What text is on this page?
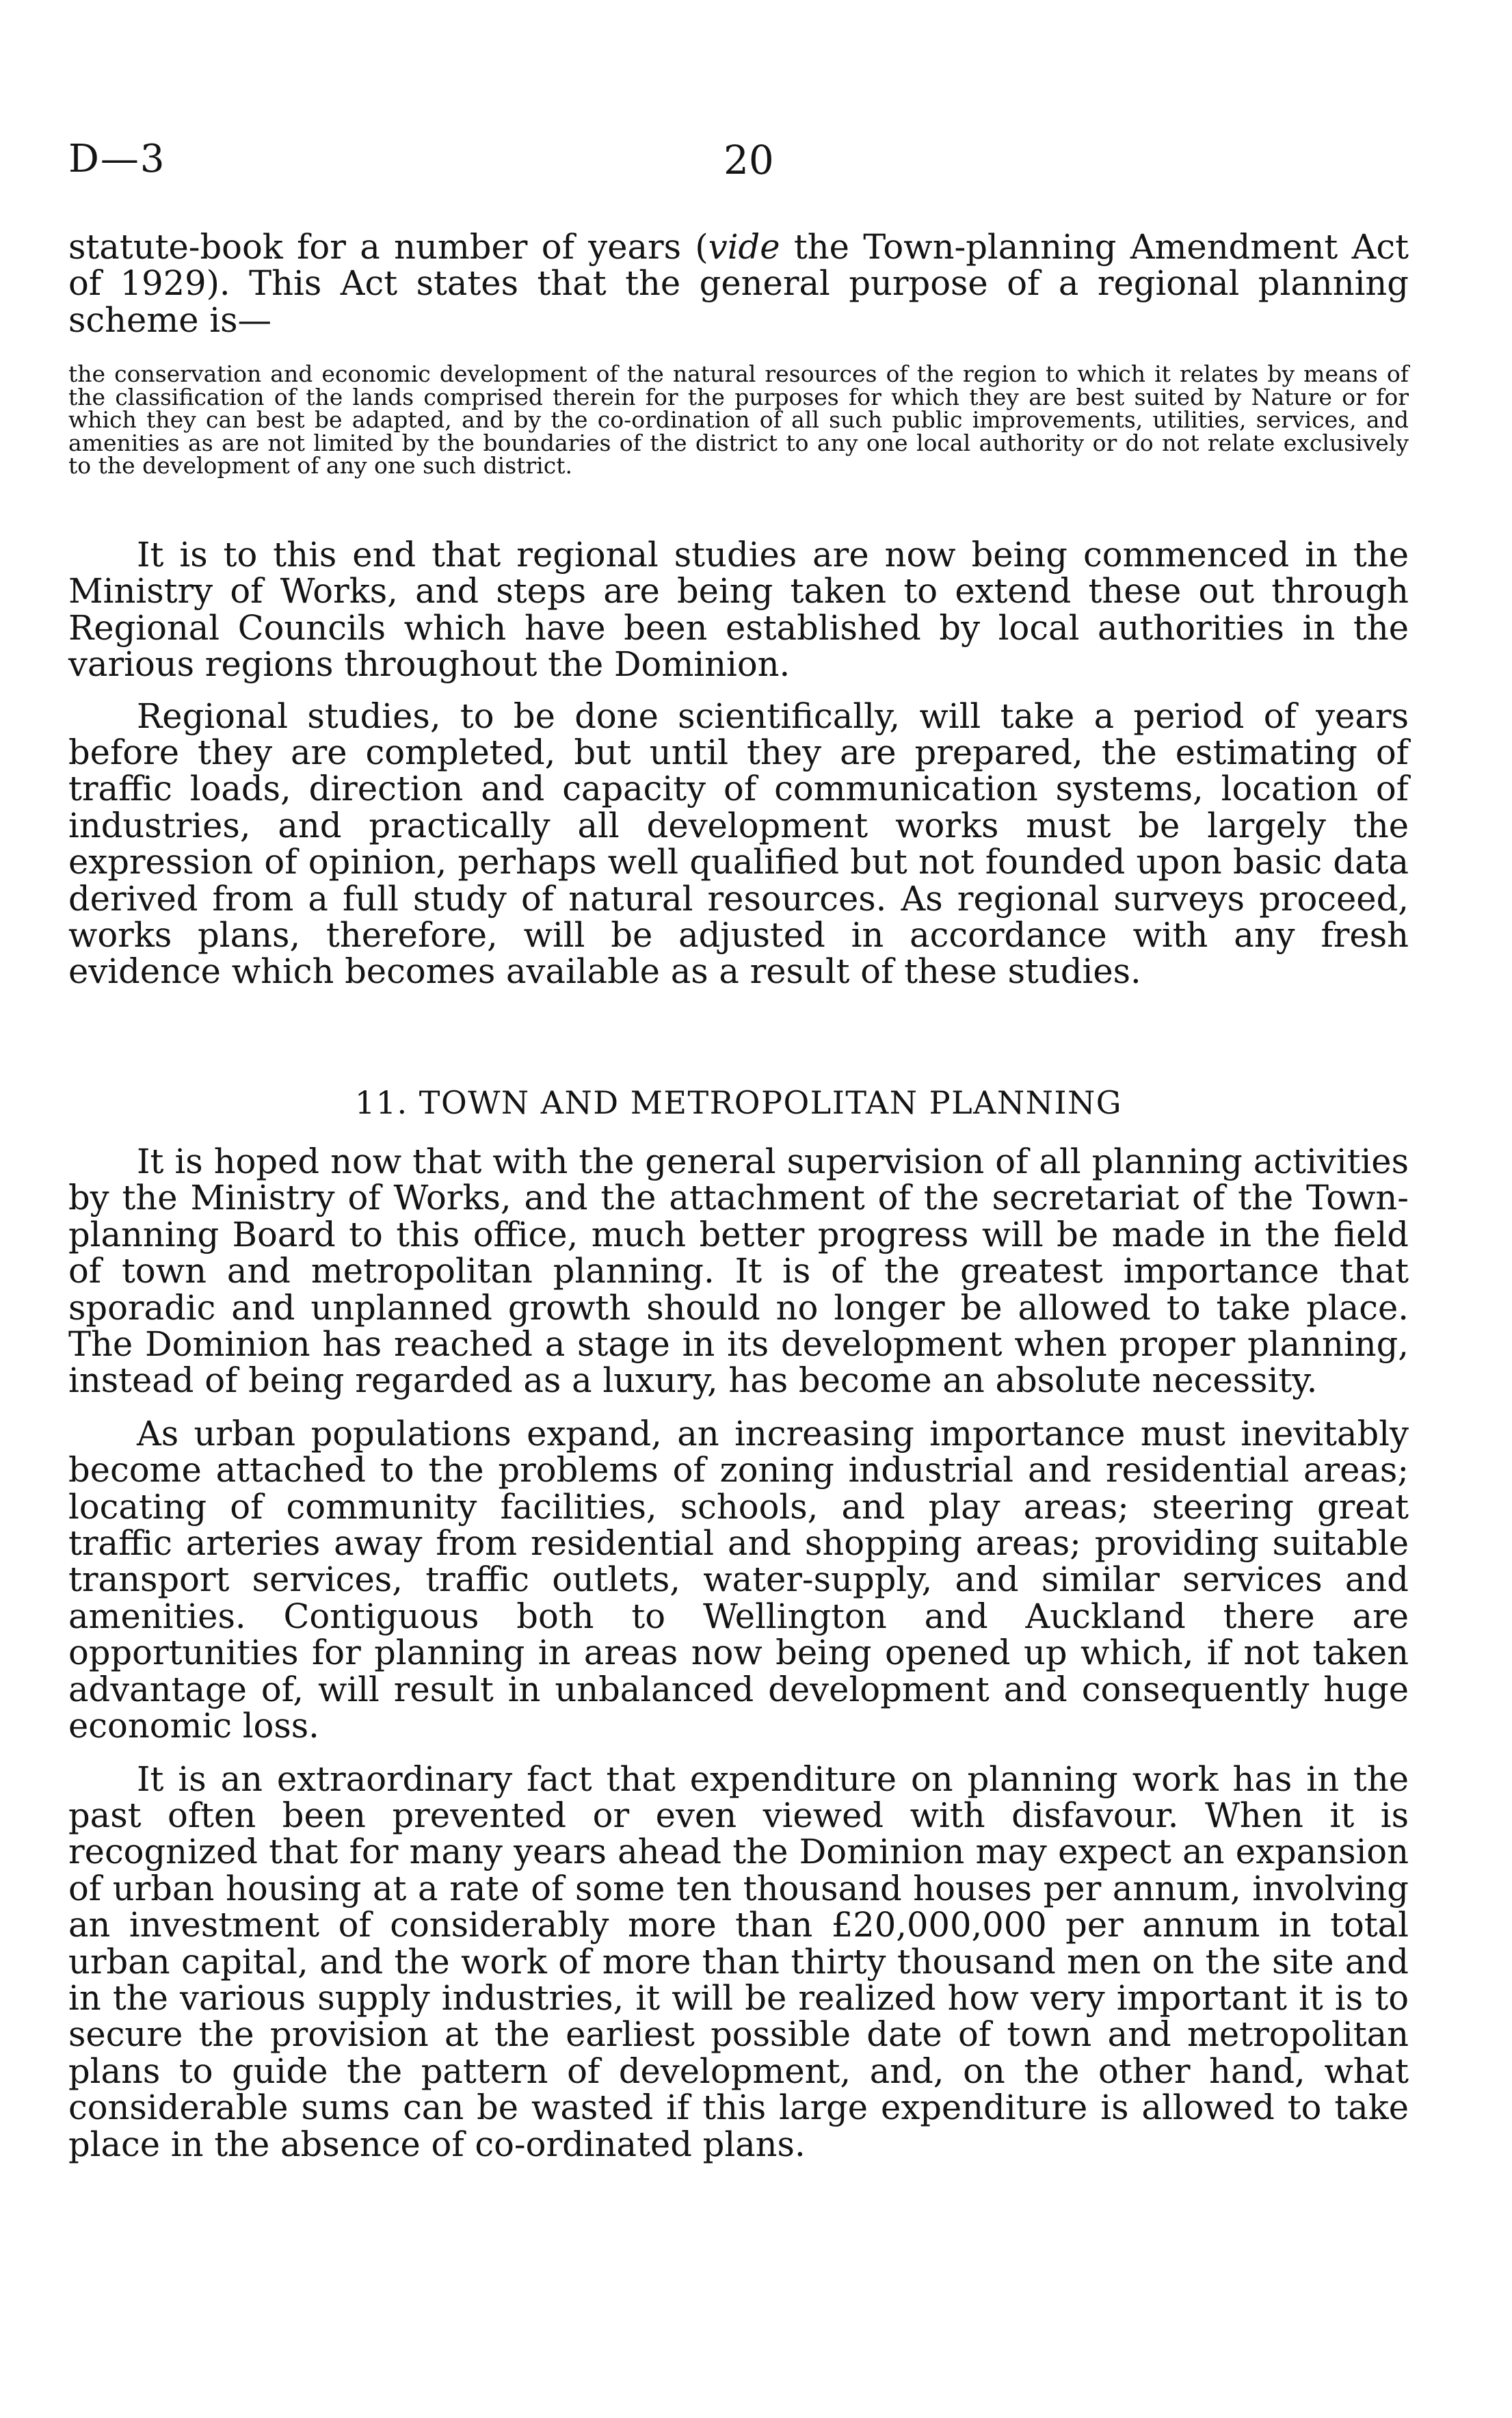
D—3	20

statute-book for a number of years (vide the Town-planning Amendment Act of 1929). This Act states that the general purpose of a regional planning scheme is—

the conservation and economic development of the natural resources of the region to which it relates by means of the classification of the lands comprised therein for the purposes for which they are best suited by Nature or for which they can best be adapted, and by the co-ordination of all such public improvements, utilities, services, and amenities as are not limited by the boundaries of the district to any one local authority or do not relate exclusively to the development of any one such district.

It is to this end that regional studies are now being commenced in the Ministry of Works, and steps are being taken to extend these out through Regional Councils which have been established by local authorities in the various regions throughout the Dominion.

Regional studies, to be done scientifically, will take a period of years before they are completed, but until they are prepared, the estimating of traffic loads, direction and capacity of communication systems, location of industries, and practically all development works must be largely the expression of opinion, perhaps well qualified but not founded upon basic data derived from a full study of natural resources. As regional surveys proceed, works plans, therefore, will be adjusted in accordance with any fresh evidence which becomes available as a result of these studies.

11. TOWN AND METROPOLITAN PLANNING

It is hoped now that with the general supervision of all planning activities by the Ministry of Works, and the attachment of the secretariat of the Town-planning Board to this office, much better progress will be made in the field of town and metropolitan planning. It is of the greatest importance that sporadic and unplanned growth should no longer be allowed to take place. The Dominion has reached a stage in its development when proper planning, instead of being regarded as a luxury, has become an absolute necessity.

As urban populations expand, an increasing importance must inevitably become attached to the problems of zoning industrial and residential areas; locating of community facilities, schools, and play areas; steering great traffic arteries away from residential and shopping areas; providing suitable transport services, traffic outlets, water-supply, and similar services and amenities. Contiguous both to Wellington and Auckland there are opportunities for planning in areas now being opened up which, if not taken advantage of, will result in unbalanced development and consequently huge economic loss.

It is an extraordinary fact that expenditure on planning work has in the past often been prevented or even viewed with disfavour. When it is recognized that for many years ahead the Dominion may expect an expansion of urban housing at a rate of some ten thousand houses per annum, involving an investment of considerably more than £20,000,000 per annum in total urban capital, and the work of more than thirty thousand men on the site and in the various supply industries, it will be realized how very important it is to secure the provision at the earliest possible date of town and metropolitan plans to guide the pattern of development, and, on the other hand, what considerable sums can be wasted if this large expenditure is allowed to take place in the absence of co-ordinated plans.
